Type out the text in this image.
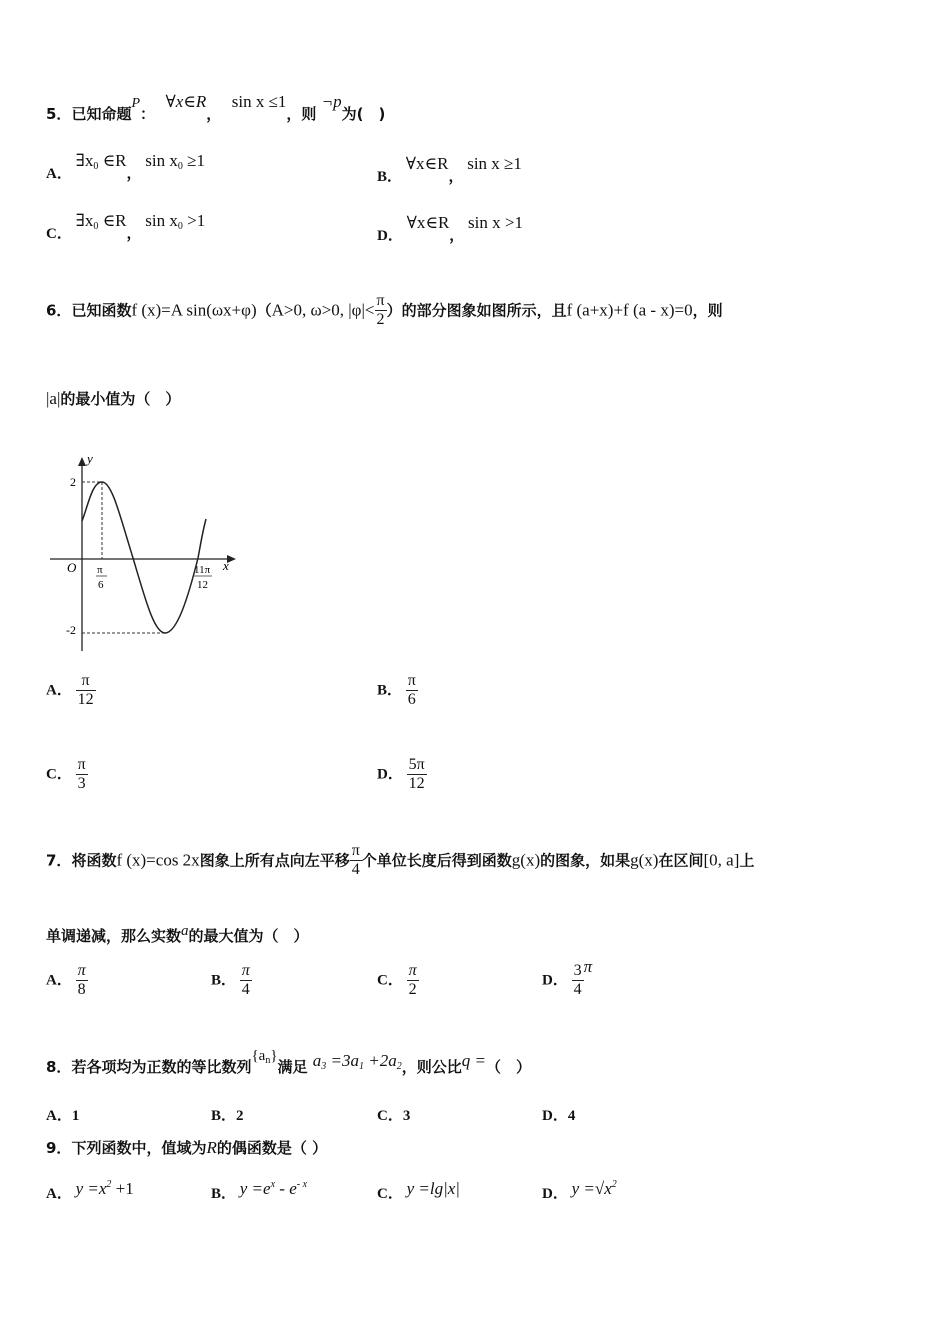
5．已知命题P：  ∀x∈R，  sin x ≤1，则 ¬p为(　)
A． $\exists x_0$ ∈R， $\sin x_0 \ge 1$
B． ∀x∈R， sin x ≥1
C． $\exists x_0$ ∈R， $\sin x_0 >1$
D． ∀x∈R， sin x >1
6．已知函数f (x)=A sin(ωx+φ)（A>0, ω>0, $|\varphi|< \frac{\pi}{2}$ ）的部分图象如图所示，且f (a+x)+f (a - x)=0，则
|a|的最小值为（　）
y
x
O
2
-2
π
6
11π
12
A． $\frac{\pi}{12}$	B． $\frac{\pi}{6}$
C． $\frac{\pi}{3}$	D． $\frac{5\pi}{12}$
7．将函数f (x)=cos 2x图象上所有点向左平移 $\frac{\pi}{4}$ 个单位长度后得到函数g(x)的图象，如果g(x)在区间[0, a]上
单调递减，那么实数a的最大值为（　）
A． $\frac{\pi}{8}$	B． $\frac{\pi}{4}$	C． $\frac{\pi}{2}$	D． $\frac{3}{4}$ π
8．若各项均为正数的等比数列$\{a_n\}$满足 $a_3 =3a_1 +2a_2$，则公比q =（　）
A．1	B．2	C．3	D．4
9．下列函数中，值域为R的偶函数是（ ）
A． $y =x^2 +1$	B． $y =e^x - e^{- x}$
C． y =lg|x|	D． $y =√x^2$
